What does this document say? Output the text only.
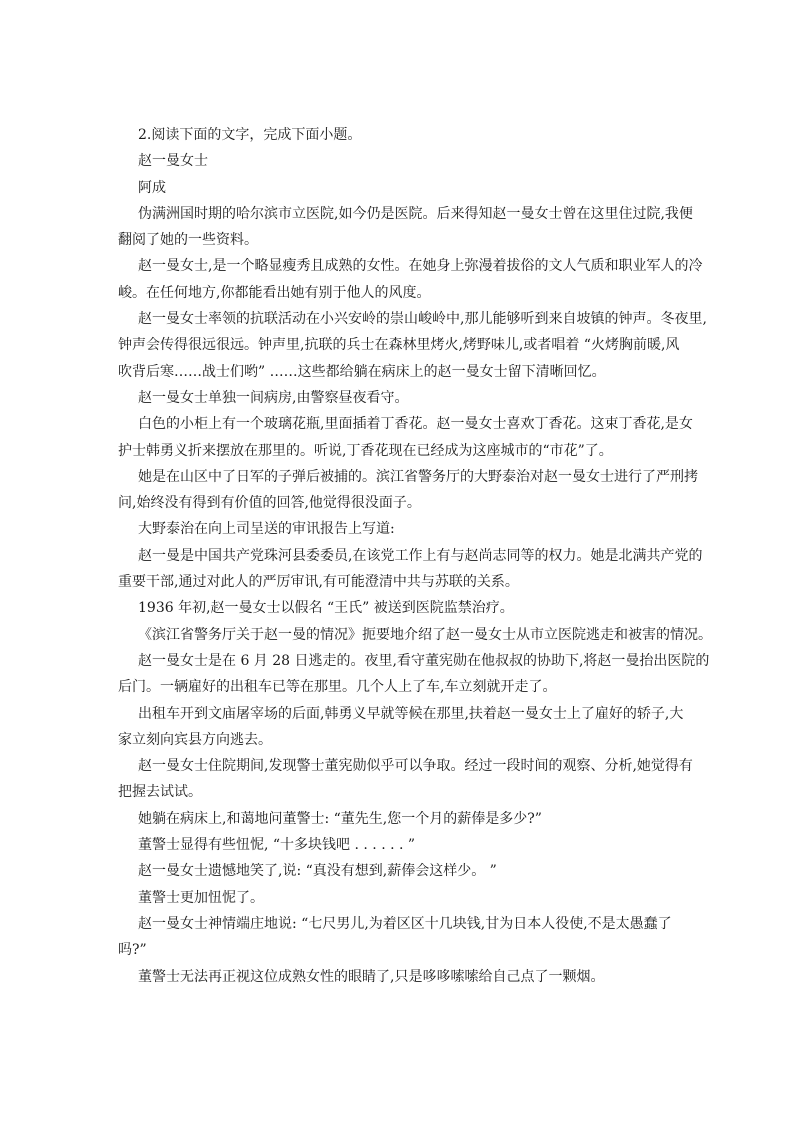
2.阅读下面的文字，完成下面小题。
赵一曼女士
阿成
伪满洲国时期的哈尔滨市立医院,如今仍是医院。后来得知赵一曼女士曾在这里住过院,我便
翻阅了她的一些资料。
赵一曼女士,是一个略显瘦秀且成熟的女性。在她身上弥漫着拔俗的文人气质和职业军人的冷
峻。在任何地方,你都能看出她有别于他人的风度。
赵一曼女士率领的抗联活动在小兴安岭的崇山峻岭中,那儿能够听到来自坡镇的钟声。冬夜里,
钟声会传得很远很远。钟声里,抗联的兵士在森林里烤火,烤野味儿,或者唱着 “火烤胸前暖,风
吹背后寒……战士们哟” ……这些都给躺在病床上的赵一曼女士留下清晰回忆。
赵一曼女士单独一间病房,由警察昼夜看守。
白色的小柜上有一个玻璃花瓶,里面插着丁香花。赵一曼女士喜欢丁香花。这束丁香花,是女
护士韩勇义折来摆放在那里的。听说,丁香花现在已经成为这座城市的“市花”了。
她是在山区中了日军的子弹后被捕的。滨江省警务厅的大野泰治对赵一曼女士进行了严刑拷
问,始终没有得到有价值的回答,他觉得很没面子。
大野泰治在向上司呈送的审讯报告上写道:
赵一曼是中国共产党珠河县委委员,在该党工作上有与赵尚志同等的权力。她是北满共产党的
重要干部,通过对此人的严厉审讯,有可能澄清中共与苏联的关系。
1936 年初,赵一曼女士以假名 “王氏” 被送到医院监禁治疗。
《滨江省警务厅关于赵一曼的情况》扼要地介绍了赵一曼女士从市立医院逃走和被害的情况。
赵一曼女士是在 6 月 28 日逃走的。夜里,看守董宪勋在他叔叔的协助下,将赵一曼抬出医院的
后门。一辆雇好的出租车已等在那里。几个人上了车,车立刻就开走了。
出租车开到文庙屠宰场的后面,韩勇义早就等候在那里,扶着赵一曼女士上了雇好的轿子,大
家立刻向宾县方向逃去。
赵一曼女士住院期间,发现警士董宪勋似乎可以争取。经过一段时间的观察、分析,她觉得有
把握去试试。
她躺在病床上,和蔼地问董警士: “董先生,您一个月的薪俸是多少?”
董警士显得有些忸怩, “十多块钱吧 . . . . . . ”
赵一曼女士遗憾地笑了,说: “真没有想到,薪俸会这样少。 ”
董警士更加忸怩了。
赵一曼女士神情端庄地说: “七尺男儿,为着区区十几块钱,甘为日本人役使,不是太愚蠢了
吗?”
董警士无法再正视这位成熟女性的眼睛了,只是哆哆嗦嗦给自己点了一颗烟。
